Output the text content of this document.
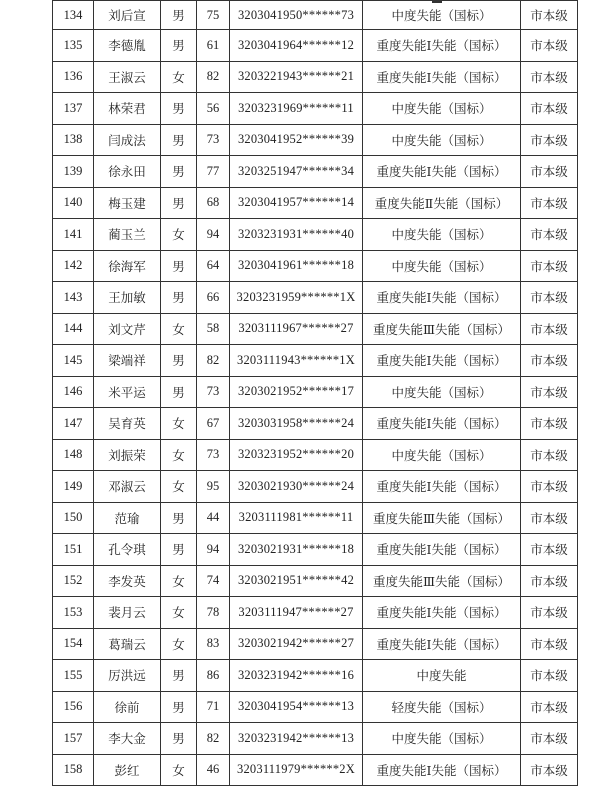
134	刘后宣	男	75	3203041950******73	中度失能（国标）	市本级
135	李德胤	男	61	3203041964******12	重度失能Ⅰ失能（国标）	市本级
136	王淑云	女	82	3203221943******21	重度失能Ⅰ失能（国标）	市本级
137	林荣君	男	56	3203231969******11	中度失能（国标）	市本级
138	闫成法	男	73	3203041952******39	中度失能（国标）	市本级
139	徐永田	男	77	3203251947******34	重度失能Ⅰ失能（国标）	市本级
140	梅玉建	男	68	3203041957******14	重度失能Ⅱ失能（国标）	市本级
141	蔺玉兰	女	94	3203231931******40	中度失能（国标）	市本级
142	徐海军	男	64	3203041961******18	中度失能（国标）	市本级
143	王加敏	男	66	3203231959******1X	重度失能Ⅰ失能（国标）	市本级
144	刘文芹	女	58	3203111967******27	重度失能Ⅲ失能（国标）	市本级
145	梁端祥	男	82	3203111943******1X	重度失能Ⅰ失能（国标）	市本级
146	米平运	男	73	3203021952******17	中度失能（国标）	市本级
147	吴育英	女	67	3203031958******24	重度失能Ⅰ失能（国标）	市本级
148	刘振荣	女	73	3203231952******20	中度失能（国标）	市本级
149	邓淑云	女	95	3203021930******24	重度失能Ⅰ失能（国标）	市本级
150	范瑜	男	44	3203111981******11	重度失能Ⅲ失能（国标）	市本级
151	孔令琪	男	94	3203021931******18	重度失能Ⅰ失能（国标）	市本级
152	李发英	女	74	3203021951******42	重度失能Ⅲ失能（国标）	市本级
153	裴月云	女	78	3203111947******27	重度失能Ⅰ失能（国标）	市本级
154	葛瑞云	女	83	3203021942******27	重度失能Ⅰ失能（国标）	市本级
155	厉洪远	男	86	3203231942******16	中度失能	市本级
156	徐前	男	71	3203041954******13	轻度失能（国标）	市本级
157	李大金	男	82	3203231942******13	中度失能（国标）	市本级
158	彭红	女	46	3203111979******2X	重度失能Ⅰ失能（国标）	市本级
